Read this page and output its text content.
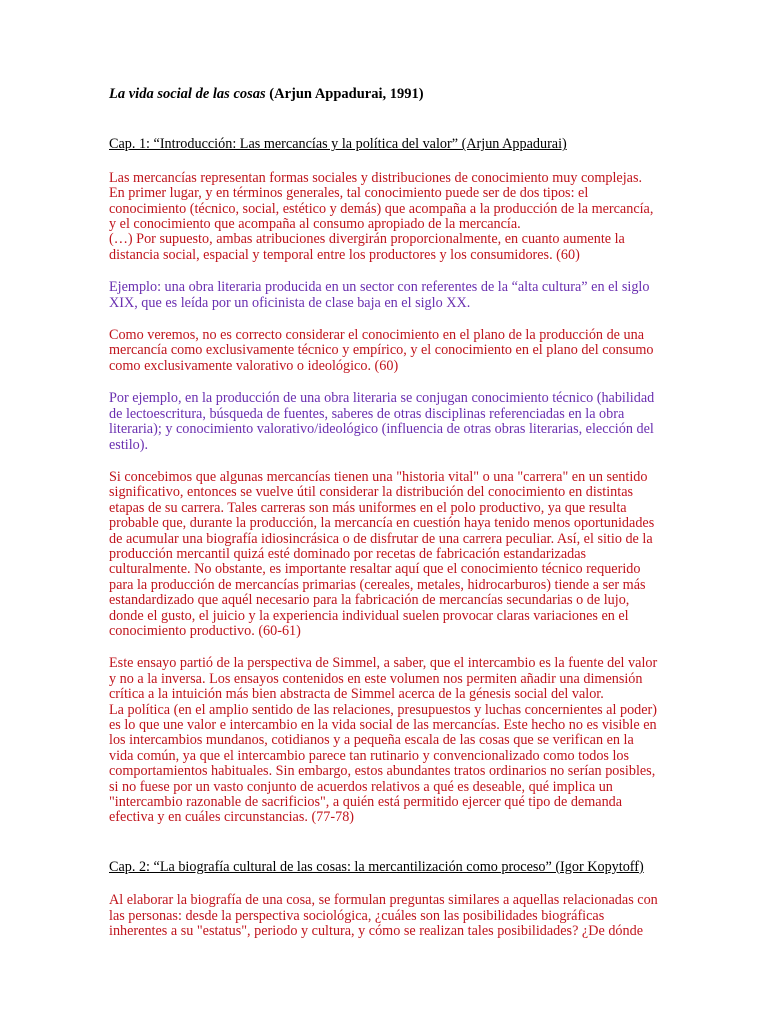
La vida social de las cosas (Arjun Appadurai, 1991)
Cap. 1: “Introducción: Las mercancías y la política del valor” (Arjun Appadurai)

Las mercancías representan formas sociales y distribuciones de conocimiento muy complejas. En primer lugar, y en términos generales, tal conocimiento puede ser de dos tipos: el conocimiento (técnico, social, estético y demás) que acompaña a la producción de la mercancía, y el conocimiento que acompaña al consumo apropiado de la mercancía.

(…) Por supuesto, ambas atribuciones divergirán proporcionalmente, en cuanto aumente la distancia social, espacial y temporal entre los productores y los consumidores. (60)

Ejemplo: una obra literaria producida en un sector con referentes de la “alta cultura” en el siglo XIX, que es leída por un oficinista de clase baja en el siglo XX.

Como veremos, no es correcto considerar el conocimiento en el plano de la producción de una mercancía como exclusivamente técnico y empírico, y el conocimiento en el plano del consumo como exclusivamente valorativo o ideológico. (60)

Por ejemplo, en la producción de una obra literaria se conjugan conocimiento técnico (habilidad de lectoescritura, búsqueda de fuentes, saberes de otras disciplinas referenciadas en la obra literaria); y conocimiento valorativo/ideológico (influencia de otras obras literarias, elección del estilo).

Si concebimos que algunas mercancías tienen una "historia vital" o una "carrera" en un sentido significativo, entonces se vuelve útil considerar la distribución del conocimiento en distintas etapas de su carrera. Tales carreras son más uniformes en el polo productivo, ya que resulta probable que, durante la producción, la mercancía en cuestión haya tenido menos oportunidades de acumular una biografía idiosincrásica o de disfrutar de una carrera peculiar. Así, el sitio de la producción mercantil quizá esté dominado por recetas de fabricación estandarizadas culturalmente. No obstante, es importante resaltar aquí que el conocimiento técnico requerido para la producción de mercancías primarias (cereales, metales, hidrocarburos) tiende a ser más estandardizado que aquél necesario para la fabricación de mercancías secundarias o de lujo, donde el gusto, el juicio y la experiencia individual suelen provocar claras variaciones en el conocimiento productivo. (60-61)

Este ensayo partió de la perspectiva de Simmel, a saber, que el intercambio es la fuente del valor y no a la inversa. Los ensayos contenidos en este volumen nos permiten añadir una dimensión crítica a la intuición más bien abstracta de Simmel acerca de la génesis social del valor.

La política (en el amplio sentido de las relaciones, presupuestos y luchas concernientes al poder) es lo que une valor e intercambio en la vida social de las mercancías. Este hecho no es visible en los intercambios mundanos, cotidianos y a pequeña escala de las cosas que se verifican en la vida común, ya que el intercambio parece tan rutinario y convencionalizado como todos los comportamientos habituales. Sin embargo, estos abundantes tratos ordinarios no serían posibles, si no fuese por un vasto conjunto de acuerdos relativos a qué es deseable, qué implica un "intercambio razonable de sacrificios", a quién está permitido ejercer qué tipo de demanda efectiva y en cuáles circunstancias. (77-78)

Cap. 2: “La biografía cultural de las cosas: la mercantilización como proceso” (Igor Kopytoff)

Al elaborar la biografía de una cosa, se formulan preguntas similares a aquellas relacionadas con las personas: desde la perspectiva sociológica, ¿cuáles son las posibilidades biográficas inherentes a su "estatus", periodo y cultura, y cómo se realizan tales posibilidades? ¿De dónde
